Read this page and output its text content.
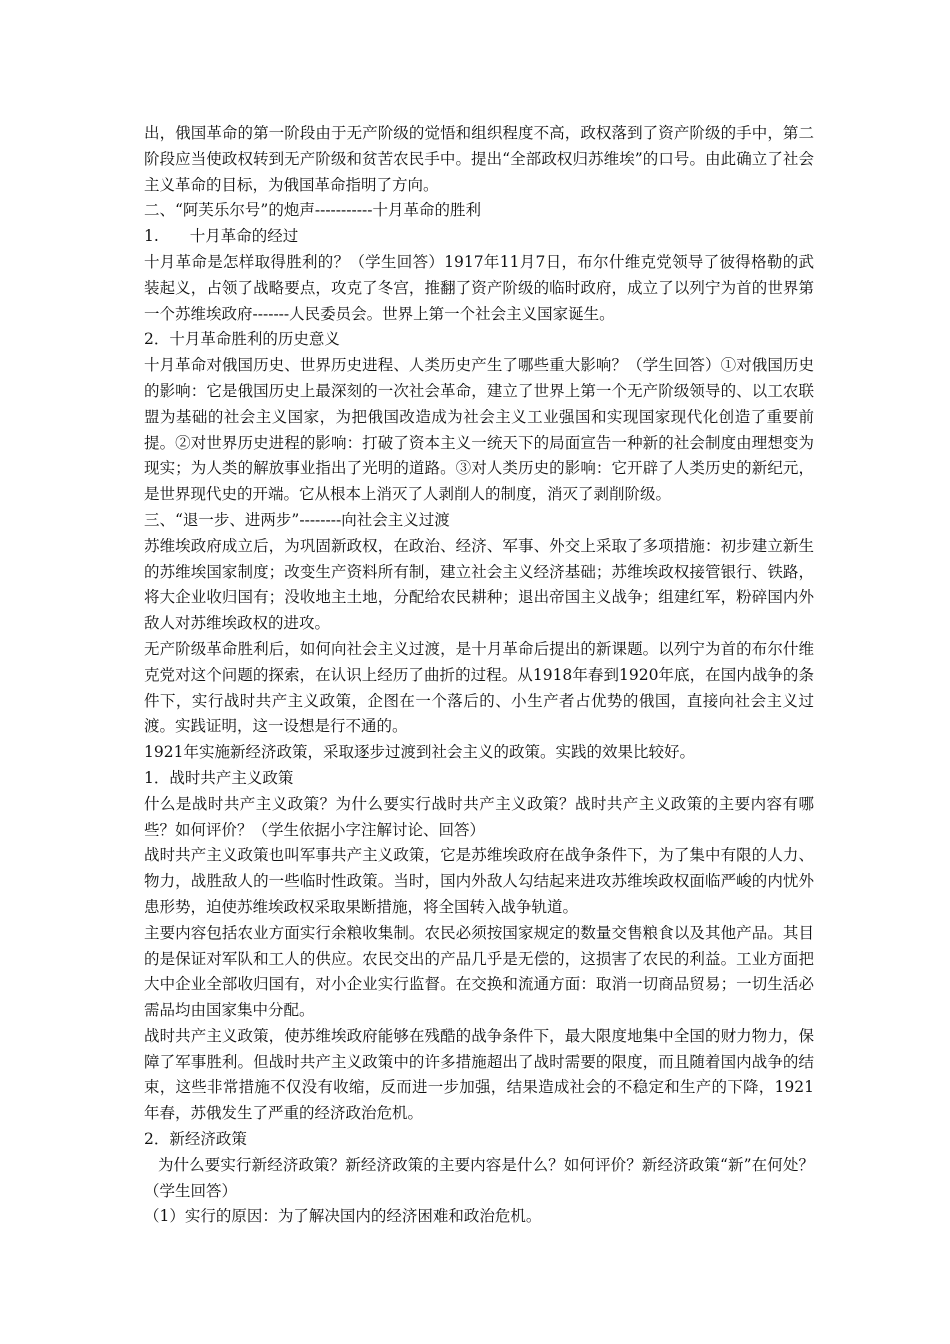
出，俄国革命的第一阶段由于无产阶级的觉悟和组织程度不高，政权落到了资产阶级的手中，第二阶段应当使政权转到无产阶级和贫苦农民手中。提出“全部政权归苏维埃”的口号。由此确立了社会主义革命的目标，为俄国革命指明了方向。

二、“阿芙乐尔号”的炮声-----------十月革命的胜利

1.　　十月革命的经过

十月革命是怎样取得胜利的？（学生回答）1917年11月7日，布尔什维克党领导了彼得格勒的武装起义，占领了战略要点，攻克了冬宫，推翻了资产阶级的临时政府，成立了以列宁为首的世界第一个苏维埃政府-------人民委员会。世界上第一个社会主义国家诞生。

2．十月革命胜利的历史意义

十月革命对俄国历史、世界历史进程、人类历史产生了哪些重大影响？（学生回答）①对俄国历史的影响：它是俄国历史上最深刻的一次社会革命，建立了世界上第一个无产阶级领导的、以工农联盟为基础的社会主义国家，为把俄国改造成为社会主义工业强国和实现国家现代化创造了重要前提。②对世界历史进程的影响：打破了资本主义一统天下的局面宣告一种新的社会制度由理想变为现实；为人类的解放事业指出了光明的道路。③对人类历史的影响：它开辟了人类历史的新纪元，是世界现代史的开端。它从根本上消灭了人剥削人的制度，消灭了剥削阶级。

三、“退一步、进两步”--------向社会主义过渡

苏维埃政府成立后，为巩固新政权，在政治、经济、军事、外交上采取了多项措施：初步建立新生的苏维埃国家制度；改变生产资料所有制，建立社会主义经济基础；苏维埃政权接管银行、铁路，将大企业收归国有；没收地主土地，分配给农民耕种；退出帝国主义战争；组建红军，粉碎国内外敌人对苏维埃政权的进攻。

无产阶级革命胜利后，如何向社会主义过渡，是十月革命后提出的新课题。以列宁为首的布尔什维克党对这个问题的探索，在认识上经历了曲折的过程。从1918年春到1920年底，在国内战争的条件下，实行战时共产主义政策，企图在一个落后的、小生产者占优势的俄国，直接向社会主义过渡。实践证明，这一设想是行不通的。

1921年实施新经济政策，采取逐步过渡到社会主义的政策。实践的效果比较好。

1．战时共产主义政策

什么是战时共产主义政策？为什么要实行战时共产主义政策？战时共产主义政策的主要内容有哪些？如何评价？（学生依据小字注解讨论、回答）

战时共产主义政策也叫军事共产主义政策，它是苏维埃政府在战争条件下，为了集中有限的人力、物力，战胜敌人的一些临时性政策。当时，国内外敌人勾结起来进攻苏维埃政权面临严峻的内忧外患形势，迫使苏维埃政权采取果断措施，将全国转入战争轨道。

主要内容包括农业方面实行余粮收集制。农民必须按国家规定的数量交售粮食以及其他产品。其目的是保证对军队和工人的供应。农民交出的产品几乎是无偿的，这损害了农民的利益。工业方面把大中企业全部收归国有，对小企业实行监督。在交换和流通方面：取消一切商品贸易；一切生活必需品均由国家集中分配。

战时共产主义政策，使苏维埃政府能够在残酷的战争条件下，最大限度地集中全国的财力物力，保障了军事胜利。但战时共产主义政策中的许多措施超出了战时需要的限度，而且随着国内战争的结束，这些非常措施不仅没有收缩，反而进一步加强，结果造成社会的不稳定和生产的下降，1921年春，苏俄发生了严重的经济政治危机。

2．新经济政策

为什么要实行新经济政策？新经济政策的主要内容是什么？如何评价？新经济政策“新”在何处？（学生回答）

（1）实行的原因：为了解决国内的经济困难和政治危机。
